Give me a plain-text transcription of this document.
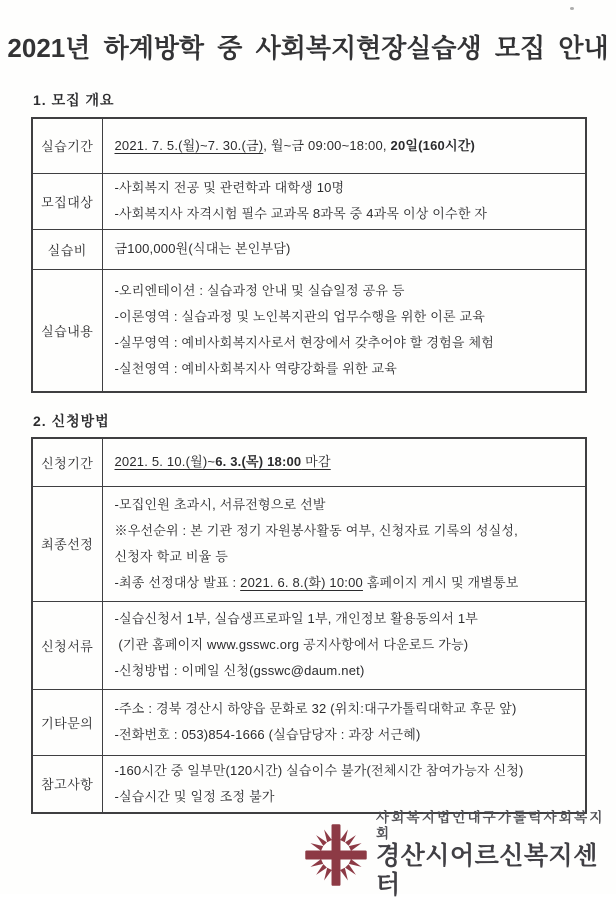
2021년 하계방학 중 사회복지현장실습생 모집 안내
1. 모집 개요
실습기간	2021. 7. 5.(월)~7. 30.(금), 월~금 09:00~18:00, 20일(160시간)

모집대상	-사회복지 전공 및 관련학과 대학생 10명
-사회복지사 자격시험 필수 교과목 8과목 중 4과목 이상 이수한 자

실습비	금100,000원(식대는 본인부담)

실습내용	-오리엔테이션 : 실습과정 안내 및 실습일정 공유 등
-이론영역 : 실습과정 및 노인복지관의 업무수행을 위한 이론 교육
-실무영역 : 예비사회복지사로서 현장에서 갖추어야 할 경험을 체험
-실천영역 : 예비사회복지사 역량강화를 위한 교육
2. 신청방법
신청기간	2021. 5. 10.(월)~6. 3.(목) 18:00 마감

최종선정	-모집인원 초과시, 서류전형으로 선발
※우선순위 : 본 기관 정기 자원봉사활동 여부, 신청자료 기록의 성실성,
신청자 학교 비율 등
-최종 선정대상 발표 : 2021. 6. 8.(화) 10:00 홈페이지 게시 및 개별통보

신청서류	-실습신청서 1부, 실습생프로파일 1부, 개인정보 활용동의서 1부
(기관 홈페이지 www.gsswc.org 공지사항에서 다운로드 가능)
-신청방법 : 이메일 신청(gsswc@daum.net)

기타문의	-주소 : 경북 경산시 하양읍 문화로 32 (위치:대구가톨릭대학교 후문 앞)
-전화번호 : 053)854-1666 (실습담당자 : 과장 서근혜)

참고사항	-160시간 중 일부만(120시간) 실습이수 불가(전체시간 참여가능자 신청)
-실습시간 및 일정 조정 불가
사회복지법인대구가톨릭사회복지회
경산시어르신복지센터
